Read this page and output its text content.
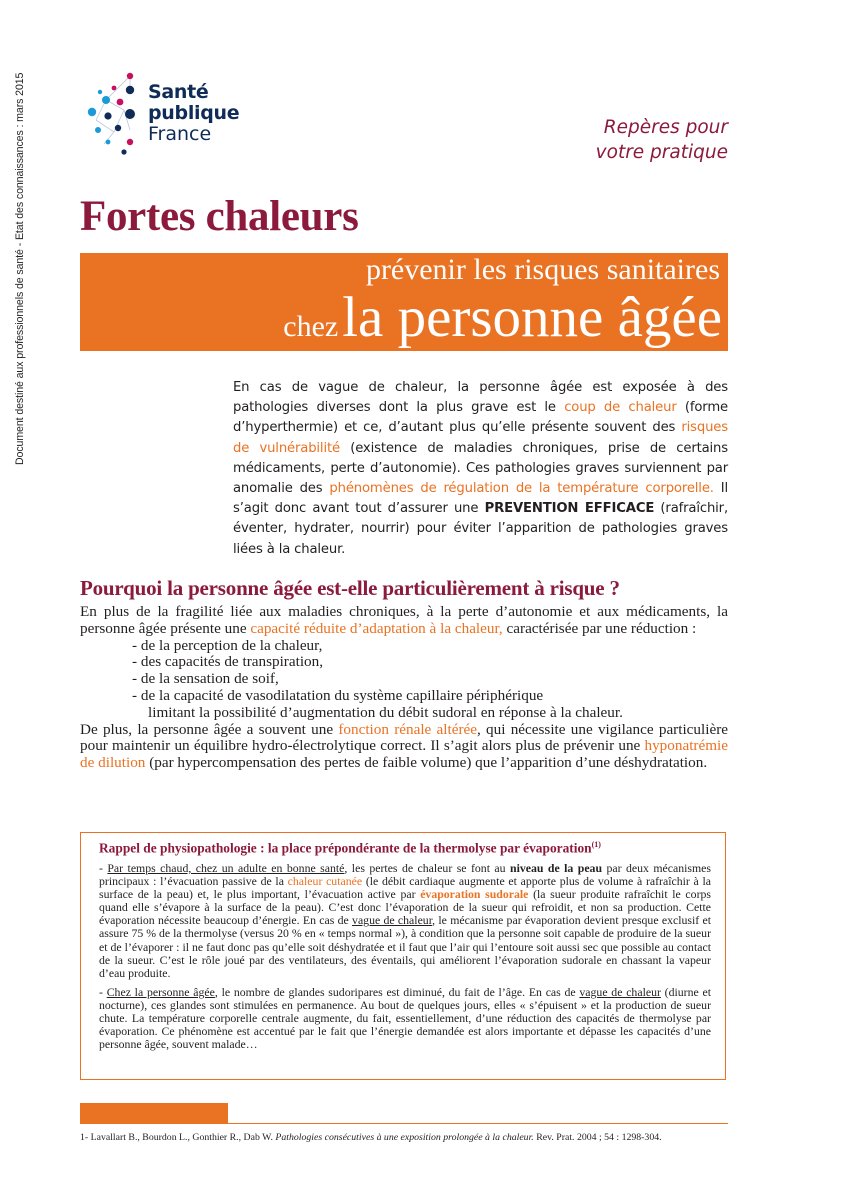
Document destiné aux professionnels de santé - Etat des connaissances : mars 2015	Santé
publique
France	Repères pour
votre pratique
Fortes chaleurs
prévenir les risques sanitaires
chez la personne âgée
En cas de vague de chaleur, la personne âgée est exposée à des pathologies diverses dont la plus grave est le coup de chaleur (forme d’hyperthermie) et ce, d’autant plus qu’elle présente souvent des risques de vulnérabilité (existence de maladies chroniques, prise de certains médicaments, perte d’autonomie). Ces pathologies graves surviennent par anomalie des phénomènes de régulation de la température corporelle. Il s’agit donc avant tout d’assurer une PREVENTION EFFICACE (rafraîchir, éventer, hydrater, nourrir) pour éviter l’apparition de pathologies graves liées à la chaleur.
Pourquoi la personne âgée est-elle particulièrement à risque ?

En plus de la fragilité liée aux maladies chroniques, à la perte d’autonomie et aux médicaments, la personne âgée présente une capacité réduite d’adaptation à la chaleur, caractérisée par une réduction :

- de la perception de la chaleur,
- des capacités de transpiration,
- de la sensation de soif,
- de la capacité de vasodilatation du système capillaire périphérique
limitant la possibilité d’augmentation du débit sudoral en réponse à la chaleur.

De plus, la personne âgée a souvent une fonction rénale altérée, qui nécessite une vigilance particulière pour maintenir un équilibre hydro-électrolytique correct. Il s’agit alors plus de prévenir une hyponatrémie de dilution (par hypercompensation des pertes de faible volume) que l’apparition d’une déshydratation.

Rappel de physiopathologie : la place prépondérante de la thermolyse par évaporation$^{(1)}$

- Par temps chaud, chez un adulte en bonne santé, les pertes de chaleur se font au niveau de la peau par deux mécanismes principaux : l’évacuation passive de la chaleur cutanée (le débit cardiaque augmente et apporte plus de volume à rafraîchir à la surface de la peau) et, le plus important, l’évacuation active par évaporation sudorale (la sueur produite rafraîchit le corps quand elle s’évapore à la surface de la peau). C’est donc l’évaporation de la sueur qui refroidit, et non sa production. Cette évaporation nécessite beaucoup d’énergie. En cas de vague de chaleur, le mécanisme par évaporation devient presque exclusif et assure 75 % de la thermolyse (versus 20 % en « temps normal »), à condition que la personne soit capable de produire de la sueur et de l’évaporer : il ne faut donc pas qu’elle soit déshydratée et il faut que l’air qui l’entoure soit aussi sec que possible au contact de la sueur. C’est le rôle joué par des ventilateurs, des éventails, qui améliorent l’évaporation sudorale en chassant la vapeur d’eau produite.

- Chez la personne âgée, le nombre de glandes sudoripares est diminué, du fait de l’âge. En cas de vague de chaleur (diurne et nocturne), ces glandes sont stimulées en permanence. Au bout de quelques jours, elles « s’épuisent » et la production de sueur chute. La température corporelle centrale augmente, du fait, essentiellement, d’une réduction des capacités de thermolyse par évaporation. Ce phénomène est accentué par le fait que l’énergie demandée est alors importante et dépasse les capacités d’une personne âgée, souvent malade…

1- Lavallart B., Bourdon L., Gonthier R., Dab W. Pathologies consécutives à une exposition prolongée à la chaleur. Rev. Prat. 2004 ; 54 : 1298-304.
